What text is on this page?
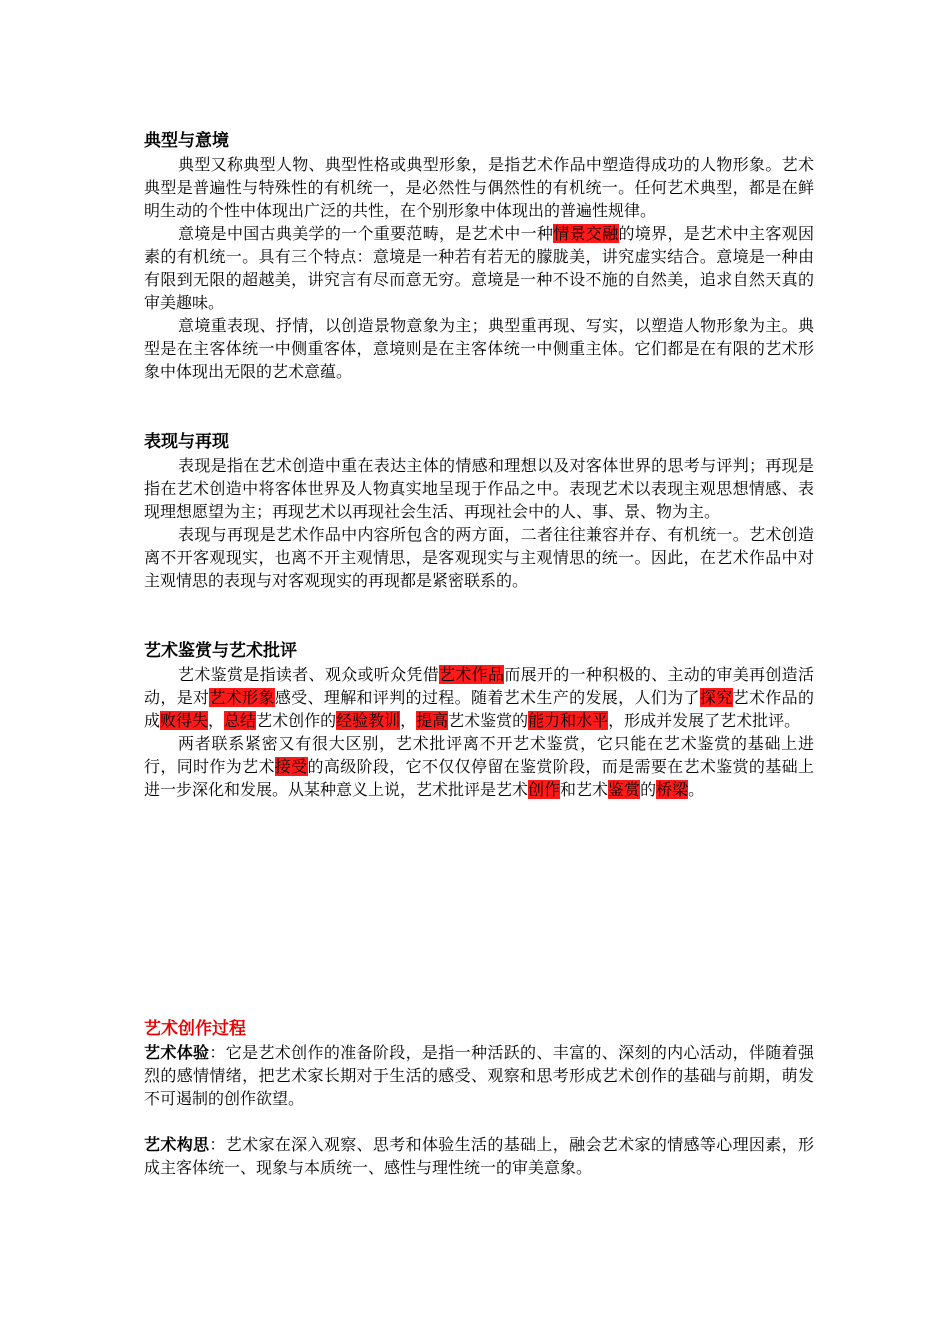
典型与意境

典型又称典型人物、典型性格或典型形象，是指艺术作品中塑造得成功的人物形象。艺术典型是普遍性与特殊性的有机统一，是必然性与偶然性的有机统一。任何艺术典型，都是在鲜明生动的个性中体现出广泛的共性，在个别形象中体现出的普遍性规律。

意境是中国古典美学的一个重要范畴，是艺术中一种情景交融的境界，是艺术中主客观因素的有机统一。具有三个特点：意境是一种若有若无的朦胧美，讲究虚实结合。意境是一种由有限到无限的超越美，讲究言有尽而意无穷。意境是一种不设不施的自然美，追求自然天真的审美趣味。

意境重表现、抒情，以创造景物意象为主；典型重再现、写实，以塑造人物形象为主。典型是在主客体统一中侧重客体，意境则是在主客体统一中侧重主体。它们都是在有限的艺术形象中体现出无限的艺术意蕴。

表现与再现

表现是指在艺术创造中重在表达主体的情感和理想以及对客体世界的思考与评判；再现是指在艺术创造中将客体世界及人物真实地呈现于作品之中。表现艺术以表现主观思想情感、表现理想愿望为主；再现艺术以再现社会生活、再现社会中的人、事、景、物为主。

表现与再现是艺术作品中内容所包含的两方面，二者往往兼容并存、有机统一。艺术创造离不开客观现实，也离不开主观情思，是客观现实与主观情思的统一。因此，在艺术作品中对主观情思的表现与对客观现实的再现都是紧密联系的。

艺术鉴赏与艺术批评

艺术鉴赏是指读者、观众或听众凭借艺术作品而展开的一种积极的、主动的审美再创造活动，是对艺术形象感受、理解和评判的过程。随着艺术生产的发展，人们为了探究艺术作品的成败得失，总结艺术创作的经验教训，提高艺术鉴赏的能力和水平，形成并发展了艺术批评。

两者联系紧密又有很大区别，艺术批评离不开艺术鉴赏，它只能在艺术鉴赏的基础上进行，同时作为艺术接受的高级阶段，它不仅仅停留在鉴赏阶段，而是需要在艺术鉴赏的基础上进一步深化和发展。从某种意义上说，艺术批评是艺术创作和艺术鉴赏的桥梁。

艺术创作过程

艺术体验：它是艺术创作的准备阶段，是指一种活跃的、丰富的、深刻的内心活动，伴随着强烈的感情情绪，把艺术家长期对于生活的感受、观察和思考形成艺术创作的基础与前期，萌发不可遏制的创作欲望。

艺术构思：艺术家在深入观察、思考和体验生活的基础上，融会艺术家的情感等心理因素，形成主客体统一、现象与本质统一、感性与理性统一的审美意象。
